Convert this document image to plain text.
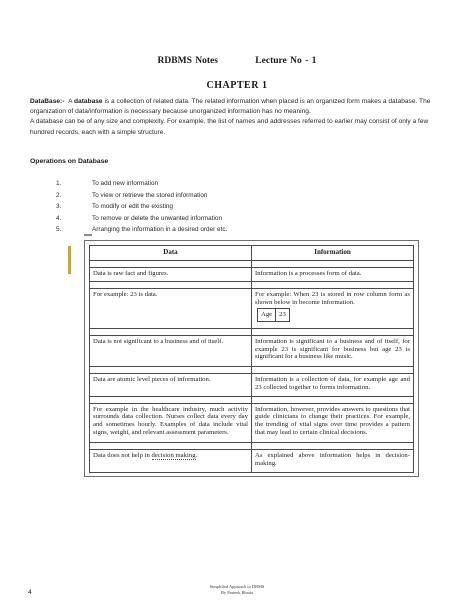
RDBMS Notes	Lecture No - 1
CHAPTER 1

DataBase:- A database is a collection of related data. The related information when placed is an organized form makes a database. The organization of data/information is necessary because unorganized information has no meaning.

A database can be of any size and complexity. For example, the list of names and addresses referred to earlier may consist of only a few hundred records, each with a simple structure.

Operations on Database
1.	To add new information
2.	To view or retrieve the stored information
3.	To modify or edit the existing
4.	To remove or delete the unwanted information
5.	Arranging the information in a desired order etc.
Data	Information

Data is raw fact and figures.	Information is a processes form of data.

For example: 23 is data.	For example: When 23 is stored in row column form as shown below in become information.
Age	23

Data is not significant to a business and of itself.	Information is significant to a business and of itself, for example 23 is significant for business but age 23 is significant for a business like music.

Data are atomic level pieces of information.	Information is a collection of data, for example age and 23 collected together to forms information.

For example in the healthcare industry, much activity surrounds data collection. Nurses collect data every day and sometimes hourly. Examples of data include vital signs, weight, and relevant assessment parameters.	Information, however, provides answers to questions that guide clinicians to change their practices. For example, the trending of vital signs over time provides a pattern that may lead to certain clinical decisions.

Data does not help in decision making.	As explained above information helps in decision-making.
Simplified Approach to DBMS
By Parteek Bhatia
4
